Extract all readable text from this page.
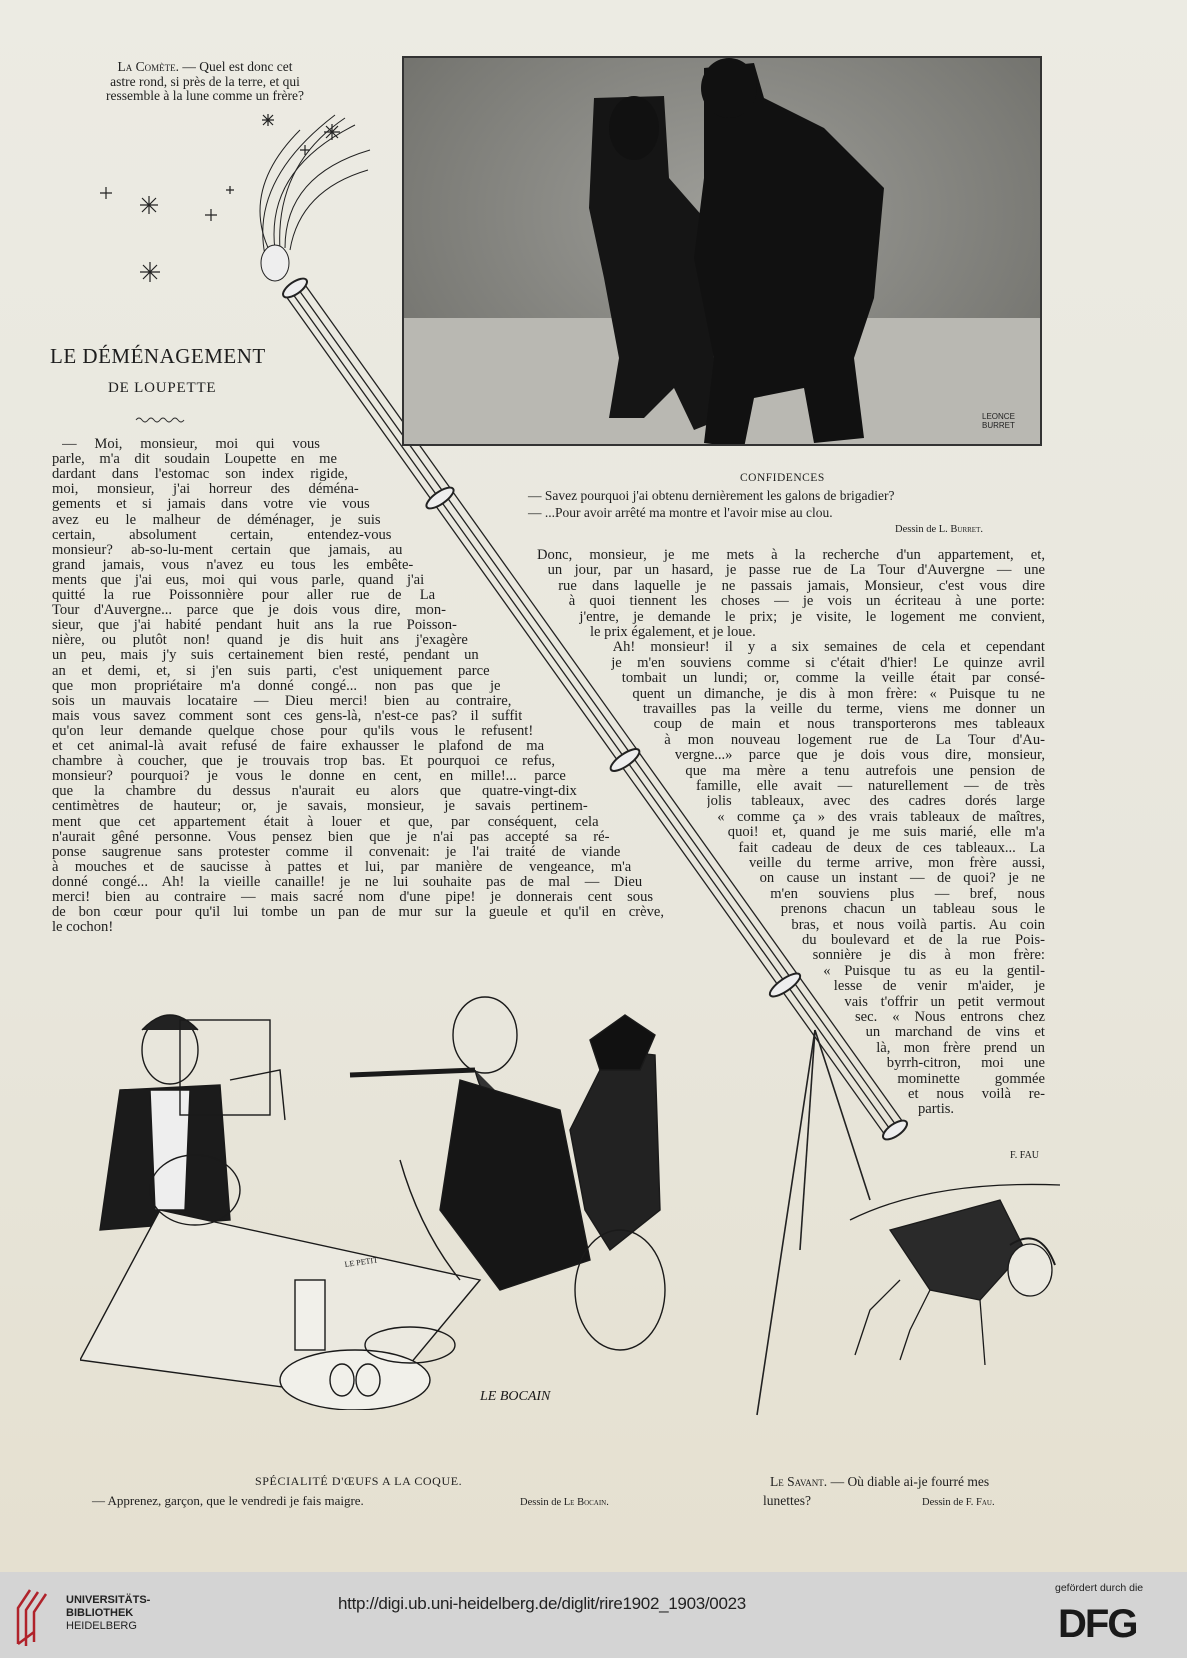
La Comète. — Quel est donc cet
astre rond, si près de la terre, et qui
ressemble à la lune comme un frère?
LE DÉMÉNAGEMENT
DE LOUPETTE
— Moi, monsieur, moi qui vous
parle, m'a dit soudain Loupette en me
dardant dans l'estomac son index rigide,
moi, monsieur, j'ai horreur des déména-
gements et si jamais dans votre vie vous
avez eu le malheur de déménager, je suis
certain, absolument certain, entendez-vous
monsieur? ab-so-lu-ment certain que jamais, au
grand jamais, vous n'avez eu tous les embête-
ments que j'ai eus, moi qui vous parle, quand j'ai
quitté la rue Poissonnière pour aller rue de La
Tour d'Auvergne... parce que je dois vous dire, mon-
sieur, que j'ai habité pendant huit ans la rue Poisson-
nière, ou plutôt non! quand je dis huit ans j'exagère
un peu, mais j'y suis certainement bien resté, pendant un
an et demi, et, si j'en suis parti, c'est uniquement parce
que mon propriétaire m'a donné congé... non pas que je
sois un mauvais locataire — Dieu merci! bien au contraire,
mais vous savez comment sont ces gens-là, n'est-ce pas? il suffit
qu'on leur demande quelque chose pour qu'ils vous le refusent!
et cet animal-là avait refusé de faire exhausser le plafond de ma
chambre à coucher, que je trouvais trop bas. Et pourquoi ce refus,
monsieur? pourquoi? je vous le donne en cent, en mille!... parce
que la chambre du dessus n'aurait eu alors que quatre-vingt-dix
centimètres de hauteur; or, je savais, monsieur, je savais pertinem-
ment que cet appartement était à louer et que, par conséquent, cela
n'aurait gêné personne. Vous pensez bien que je n'ai pas accepté sa ré-
ponse saugrenue sans protester comme il convenait: je l'ai traité de viande
à mouches et de saucisse à pattes et lui, par manière de vengeance, m'a
donné congé... Ah! la vieille canaille! je ne lui souhaite pas de mal — Dieu
merci! bien au contraire — mais sacré nom d'une pipe! je donnerais cent sous
de bon cœur pour qu'il lui tombe un pan de mur sur la gueule et qu'il en crève,
le cochon!
LEONCE BURRET
CONFIDENCES
— Savez pourquoi j'ai obtenu dernièrement les galons de brigadier?
— ...Pour avoir arrêté ma montre et l'avoir mise au clou.
Dessin de L. Burret.
Donc, monsieur, je me mets à la recherche d'un appartement, et,
un jour, par un hasard, je passe rue de La Tour d'Auvergne — une
rue dans laquelle je ne passais jamais, Monsieur, c'est vous dire
à quoi tiennent les choses — je vois un écriteau à une porte:
j'entre, je demande le prix; je visite, le logement me convient,
le prix également, et je loue.
Ah! monsieur! il y a six semaines de cela et cependant
je m'en souviens comme si c'était d'hier! Le quinze avril
tombait un lundi; or, comme la veille était par consé-
quent un dimanche, je dis à mon frère: « Puisque tu ne
travailles pas la veille du terme, viens me donner un
coup de main et nous transporterons mes tableaux
à mon nouveau logement rue de La Tour d'Au-
vergne...» parce que je dois vous dire, monsieur,
que ma mère a tenu autrefois une pension de
famille, elle avait — naturellement — de très
jolis tableaux, avec des cadres dorés large
« comme ça » des vrais tableaux de maîtres,
quoi! et, quand je me suis marié, elle m'a
fait cadeau de deux de ces tableaux... La
veille du terme arrive, mon frère aussi,
on cause un instant — de quoi? je ne
m'en souviens plus — bref, nous
prenons chacun un tableau sous le
bras, et nous voilà partis. Au coin
du boulevard et de la rue Pois-
sonnière je dis à mon frère:
« Puisque tu as eu la gentil-
lesse de venir m'aider, je
vais t'offrir un petit vermout
sec. « Nous entrons chez
un marchand de vins et
là, mon frère prend un
byrrh-citron, moi une
mominette gommée
et nous voilà re-
partis.
LE BOCAIN
LE PETIT
F. FAU
SPÉCIALITÉ D'ŒUFS A LA COQUE.
— Apprenez, garçon, que le vendredi je fais maigre.	Dessin de Le Bocain.
Le Savant. — Où diable ai-je fourré mes
lunettes?	Dessin de F. Fau.
UNIVERSITÄTS-
BIBLIOTHEK
HEIDELBERG
http://digi.ub.uni-heidelberg.de/diglit/rire1902_1903/0023
gefördert durch die
DFG
